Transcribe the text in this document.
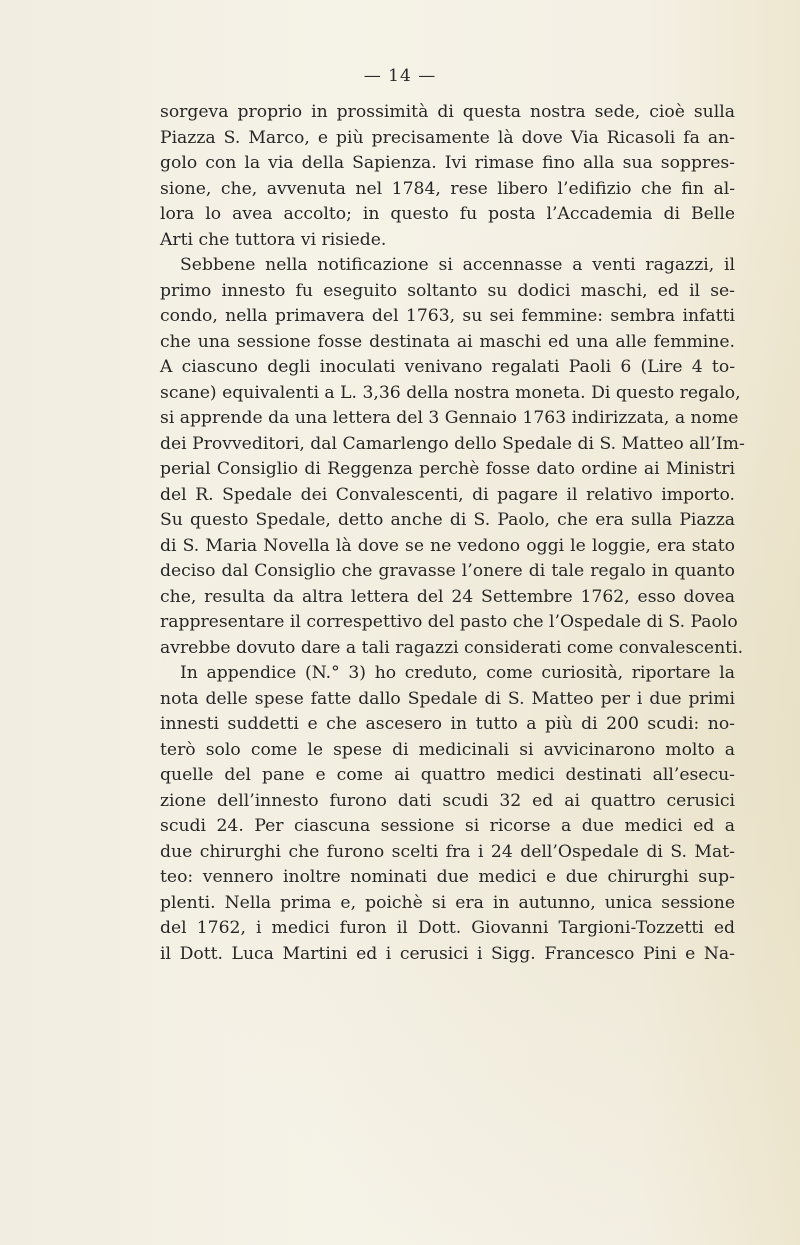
— 14 —
sorgeva proprio in prossimità di questa nostra sede, cioè sulla
Piazza S. Marco, e più precisamente là dove Via Ricasoli fa an-
golo con la via della Sapienza. Ivi rimase fino alla sua soppres-
sione, che, avvenuta nel 1784, rese libero l’edifizio che fin al-
lora lo avea accolto; in questo fu posta l’Accademia di Belle
Arti che tuttora vi risiede.
Sebbene nella notificazione si accennasse a venti ragazzi, il
primo innesto fu eseguito soltanto su dodici maschi, ed il se-
condo, nella primavera del 1763, su sei femmine: sembra infatti
che una sessione fosse destinata ai maschi ed una alle femmine.
A ciascuno degli inoculati venivano regalati Paoli 6 (Lire 4 to-
scane) equivalenti a L. 3,36 della nostra moneta. Di questo regalo,
si apprende da una lettera del 3 Gennaio 1763 indirizzata, a nome
dei Provveditori, dal Camarlengo dello Spedale di S. Matteo all’Im-
perial Consiglio di Reggenza perchè fosse dato ordine ai Ministri
del R. Spedale dei Convalescenti, di pagare il relativo importo.
Su questo Spedale, detto anche di S. Paolo, che era sulla Piazza
di S. Maria Novella là dove se ne vedono oggi le loggie, era stato
deciso dal Consiglio che gravasse l’onere di tale regalo in quanto
che, resulta da altra lettera del 24 Settembre 1762, esso dovea
rappresentare il correspettivo del pasto che l’Ospedale di S. Paolo
avrebbe dovuto dare a tali ragazzi considerati come convalescenti.
In appendice (N.° 3) ho creduto, come curiosità, riportare la
nota delle spese fatte dallo Spedale di S. Matteo per i due primi
innesti suddetti e che ascesero in tutto a più di 200 scudi: no-
terò solo come le spese di medicinali si avvicinarono molto a
quelle del pane e come ai quattro medici destinati all’esecu-
zione dell’innesto furono dati scudi 32 ed ai quattro cerusici
scudi 24. Per ciascuna sessione si ricorse a due medici ed a
due chirurghi che furono scelti fra i 24 dell’Ospedale di S. Mat-
teo: vennero inoltre nominati due medici e due chirurghi sup-
plenti. Nella prima e, poichè si era in autunno, unica sessione
del 1762, i medici furon il Dott. Giovanni Targioni-Tozzetti ed
il Dott. Luca Martini ed i cerusici i Sigg. Francesco Pini e Na-
